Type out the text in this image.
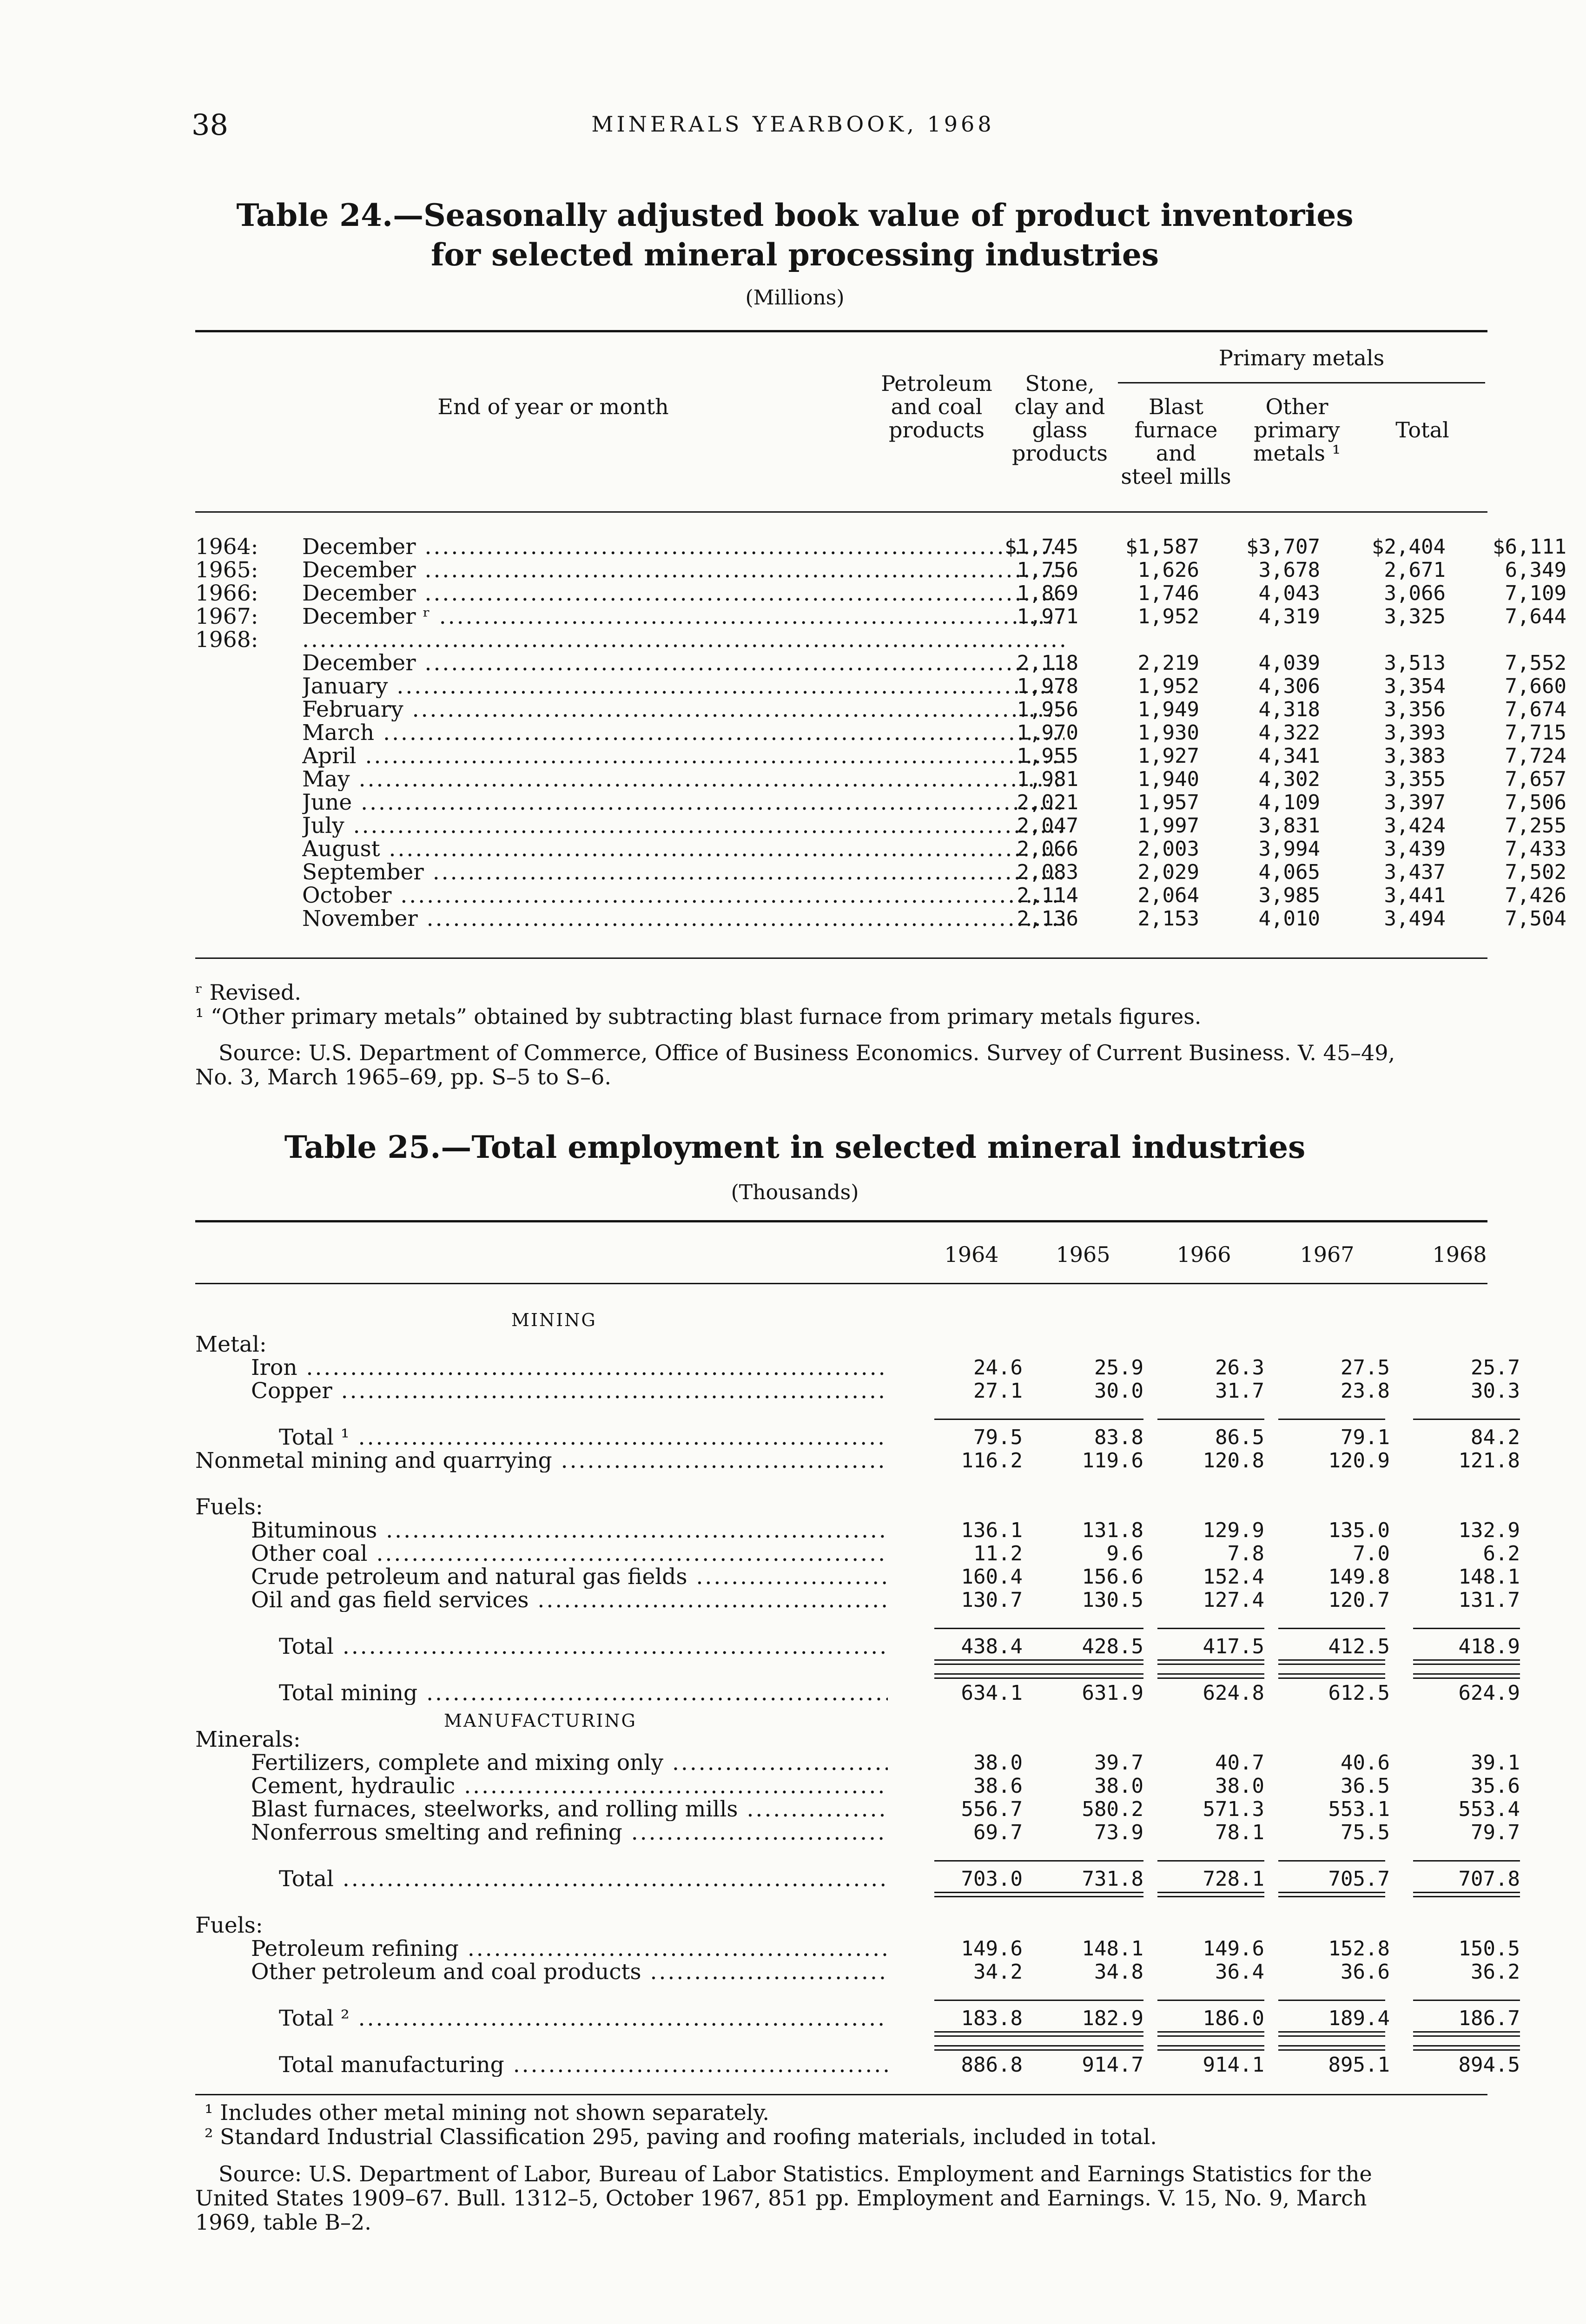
38	MINERALS YEARBOOK, 1968
Table 24.—Seasonally adjusted book value of product inventories
for selected mineral processing industries
(Millions)
End of year or month
Petroleum
and coal
products
Stone,
clay and
glass
products
Primary metals
Blast
furnace
and
steel mills
Other
primary
metals ¹
Total
1964: December .....	$1,745	$1,587	$3,707	$2,404	$6,111
1965: December .....	1,756	1,626	3,678	2,671	6,349
1966: December .....	1,869	1,746	4,043	3,066	7,109
1967: December ʳ .....	1,971	1,952	4,319	3,325	7,644
1968:
.....
December .....	2,118	2,219	4,039	3,513	7,552
January .....	1,978	1,952	4,306	3,354	7,660
February .....	1,956	1,949	4,318	3,356	7,674
March .....	1,970	1,930	4,322	3,393	7,715
April .....	1,955	1,927	4,341	3,383	7,724
May .....	1,981	1,940	4,302	3,355	7,657
June .....	2,021	1,957	4,109	3,397	7,506
July .....	2,047	1,997	3,831	3,424	7,255
August .....	2,066	2,003	3,994	3,439	7,433
September .....	2,083	2,029	4,065	3,437	7,502
October .....	2,114	2,064	3,985	3,441	7,426
November .....	2,136	2,153	4,010	3,494	7,504
ʳ Revised.
¹ “Other primary metals” obtained by subtracting blast furnace from primary metals figures.
Source: U.S. Department of Commerce, Office of Business Economics. Survey of Current Business. V. 45–49,
No. 3, March 1965–69, pp. S–5 to S–6.
Table 25.—Total employment in selected mineral industries
(Thousands)
1964	1965	1966	1967	1968
MINING
MANUFACTURING
Metal:
Iron .....	24.6	25.9	26.3	27.5	25.7
Copper .....	27.1	30.0	31.7	23.8	30.3
Total ¹ .....	79.5	83.8	86.5	79.1	84.2
Nonmetal mining and quarrying .....	116.2	119.6	120.8	120.9	121.8
Fuels:
Bituminous .....	136.1	131.8	129.9	135.0	132.9
Other coal .....	11.2	9.6	7.8	7.0	6.2
Crude petroleum and natural gas fields .....	160.4	156.6	152.4	149.8	148.1
Oil and gas field services .....	130.7	130.5	127.4	120.7	131.7
Total .....	438.4	428.5	417.5	412.5	418.9
Total mining .....	634.1	631.9	624.8	612.5	624.9
Minerals:
Fertilizers, complete and mixing only .....	38.0	39.7	40.7	40.6	39.1
Cement, hydraulic .....	38.6	38.0	38.0	36.5	35.6
Blast furnaces, steelworks, and rolling mills .....	556.7	580.2	571.3	553.1	553.4
Nonferrous smelting and refining .....	69.7	73.9	78.1	75.5	79.7
Total .....	703.0	731.8	728.1	705.7	707.8
Fuels:
Petroleum refining .....	149.6	148.1	149.6	152.8	150.5
Other petroleum and coal products .....	34.2	34.8	36.4	36.6	36.2
Total ² .....	183.8	182.9	186.0	189.4	186.7
Total manufacturing .....	886.8	914.7	914.1	895.1	894.5
¹ Includes other metal mining not shown separately.
² Standard Industrial Classification 295, paving and roofing materials, included in total.
Source: U.S. Department of Labor, Bureau of Labor Statistics. Employment and Earnings Statistics for the
United States 1909–67. Bull. 1312–5, October 1967, 851 pp. Employment and Earnings. V. 15, No. 9, March
1969, table B–2.
